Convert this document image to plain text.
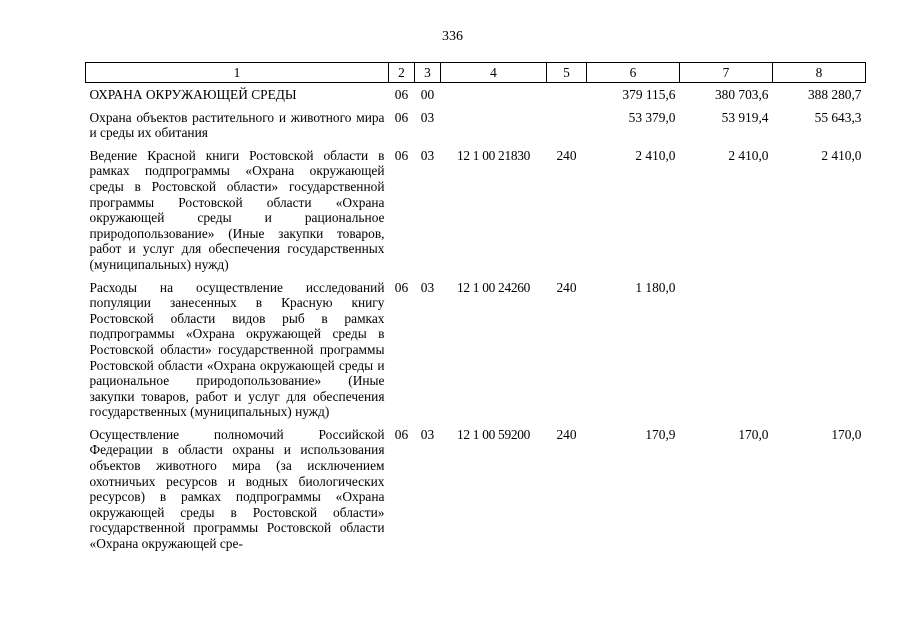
336
1	2	3	4	5	6	7	8
ОХРАНА ОКРУЖАЮЩЕЙ СРЕДЫ	06	00			379 115,6	380 703,6	388 280,7
Охрана объектов растительного и животного мира и среды их обитания	06	03			53 379,0	53 919,4	55 643,3
Ведение Красной книги Ростовской области в рамках подпрограммы «Охрана окружающей среды в Ростовской области» государственной программы Ростовской области «Охрана окружающей среды и рациональное природопользование» (Иные закупки товаров, работ и услуг для обеспечения государственных (муниципальных) нужд)	06	03	12 1 00 21830	240	2 410,0	2 410,0	2 410,0
Расходы на осуществление исследований популяции занесенных в Красную книгу Ростовской области видов рыб в рамках подпрограммы «Охрана окружающей среды в Ростовской области» государственной программы Ростовской области «Охрана окружающей среды и рациональное природопользование» (Иные закупки товаров, работ и услуг для обеспечения государственных (муниципальных) нужд)	06	03	12 1 00 24260	240	1 180,0		
Осуществление полномочий Российской Федерации в области охраны и использования объектов животного мира (за исключением охотничьих ресурсов и водных биологических ресурсов) в рамках подпрограммы «Охрана окружающей среды в Ростовской области» государственной программы Ростовской области «Охрана окружающей сре-	06	03	12 1 00 59200	240	170,9	170,0	170,0
